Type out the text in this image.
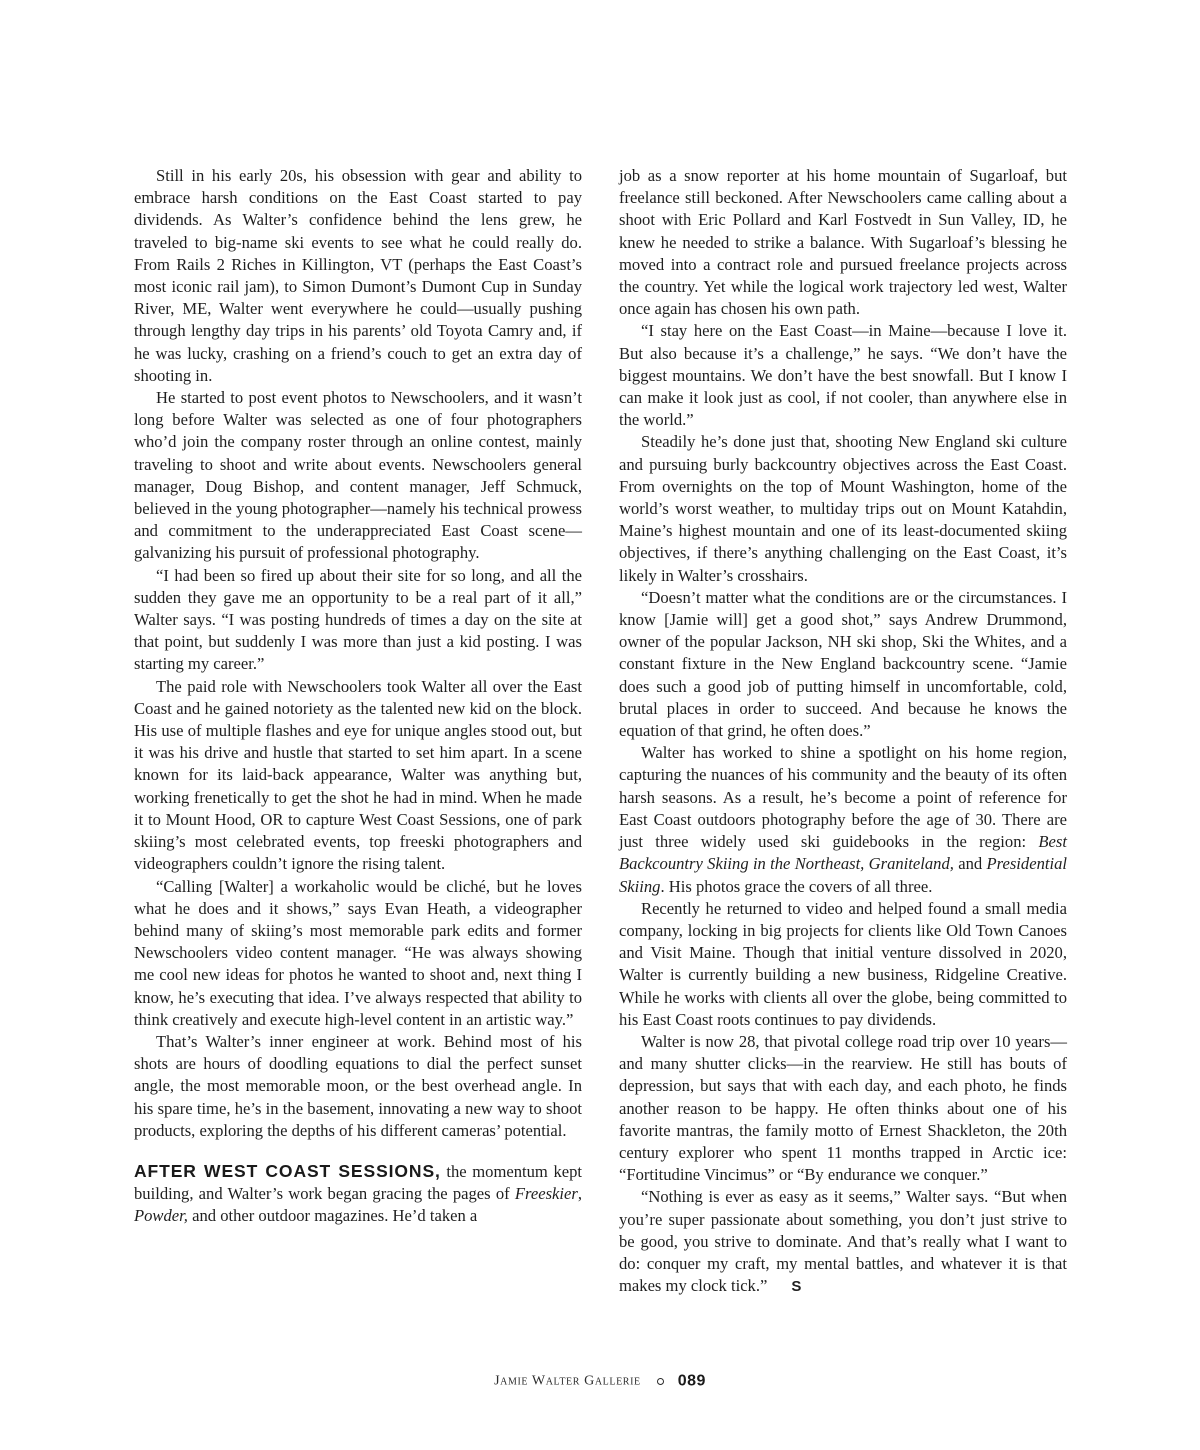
Still in his early 20s, his obsession with gear and ability to embrace harsh conditions on the East Coast started to pay dividends. As Walter’s confidence behind the lens grew, he traveled to big-name ski events to see what he could really do. From Rails 2 Riches in Killington, VT (perhaps the East Coast’s most iconic rail jam), to Simon Dumont’s Dumont Cup in Sunday River, ME, Walter went everywhere he could—usually pushing through lengthy day trips in his parents’ old Toyota Camry and, if he was lucky, crashing on a friend’s couch to get an extra day of shooting in.

He started to post event photos to Newschoolers, and it wasn’t long before Walter was selected as one of four photographers who’d join the company roster through an online contest, mainly traveling to shoot and write about events. Newschoolers general manager, Doug Bishop, and content manager, Jeff Schmuck, believed in the young photographer—namely his technical prowess and commitment to the underappreciated East Coast scene—galvanizing his pursuit of professional photography.

“I had been so fired up about their site for so long, and all the sudden they gave me an opportunity to be a real part of it all,” Walter says. “I was posting hundreds of times a day on the site at that point, but suddenly I was more than just a kid posting. I was starting my career.”

The paid role with Newschoolers took Walter all over the East Coast and he gained notoriety as the talented new kid on the block. His use of multiple flashes and eye for unique angles stood out, but it was his drive and hustle that started to set him apart. In a scene known for its laid-back appearance, Walter was anything but, working frenetically to get the shot he had in mind. When he made it to Mount Hood, OR to capture West Coast Sessions, one of park skiing’s most celebrated events, top freeski photographers and videographers couldn’t ignore the rising talent.

“Calling [Walter] a workaholic would be cliché, but he loves what he does and it shows,” says Evan Heath, a videographer behind many of skiing’s most memorable park edits and former Newschoolers video content manager. “He was always showing me cool new ideas for photos he wanted to shoot and, next thing I know, he’s executing that idea. I’ve always respected that ability to think creatively and execute high-level content in an artistic way.”

That’s Walter’s inner engineer at work. Behind most of his shots are hours of doodling equations to dial the perfect sunset angle, the most memorable moon, or the best overhead angle. In his spare time, he’s in the basement, innovating a new way to shoot products, exploring the depths of his different cameras’ potential.

AFTER WEST COAST SESSIONS, the momentum kept building, and Walter’s work began gracing the pages of Freeskier, Powder, and other outdoor magazines. He’d taken a

job as a snow reporter at his home mountain of Sugarloaf, but freelance still beckoned. After Newschoolers came calling about a shoot with Eric Pollard and Karl Fostvedt in Sun Valley, ID, he knew he needed to strike a balance. With Sugarloaf’s blessing he moved into a contract role and pursued freelance projects across the country. Yet while the logical work trajectory led west, Walter once again has chosen his own path.

“I stay here on the East Coast—in Maine—because I love it. But also because it’s a challenge,” he says. “We don’t have the biggest mountains. We don’t have the best snowfall. But I know I can make it look just as cool, if not cooler, than anywhere else in the world.”

Steadily he’s done just that, shooting New England ski culture and pursuing burly backcountry objectives across the East Coast. From overnights on the top of Mount Washington, home of the world’s worst weather, to multiday trips out on Mount Katahdin, Maine’s highest mountain and one of its least-documented skiing objectives, if there’s anything challenging on the East Coast, it’s likely in Walter’s crosshairs.

“Doesn’t matter what the conditions are or the circumstances. I know [Jamie will] get a good shot,” says Andrew Drummond, owner of the popular Jackson, NH ski shop, Ski the Whites, and a constant fixture in the New England backcountry scene. “Jamie does such a good job of putting himself in uncomfortable, cold, brutal places in order to succeed. And because he knows the equation of that grind, he often does.”

Walter has worked to shine a spotlight on his home region, capturing the nuances of his community and the beauty of its often harsh seasons. As a result, he’s become a point of reference for East Coast outdoors photography before the age of 30. There are just three widely used ski guidebooks in the region: Best Backcountry Skiing in the Northeast, Graniteland, and Presidential Skiing. His photos grace the covers of all three.

Recently he returned to video and helped found a small media company, locking in big projects for clients like Old Town Canoes and Visit Maine. Though that initial venture dissolved in 2020, Walter is currently building a new business, Ridgeline Creative. While he works with clients all over the globe, being committed to his East Coast roots continues to pay dividends.

Walter is now 28, that pivotal college road trip over 10 years—and many shutter clicks—in the rearview. He still has bouts of depression, but says that with each day, and each photo, he finds another reason to be happy. He often thinks about one of his favorite mantras, the family motto of Ernest Shackleton, the 20th century explorer who spent 11 months trapped in Arctic ice: “Fortitudine Vincimus” or “By endurance we conquer.”

“Nothing is ever as easy as it seems,” Walter says. “But when you’re super passionate about something, you don’t just strive to be good, you strive to dominate. And that’s really what I want to do: conquer my craft, my mental battles, and whatever it is that makes my clock tick.” S

Jamie Walter Gallerie 089
